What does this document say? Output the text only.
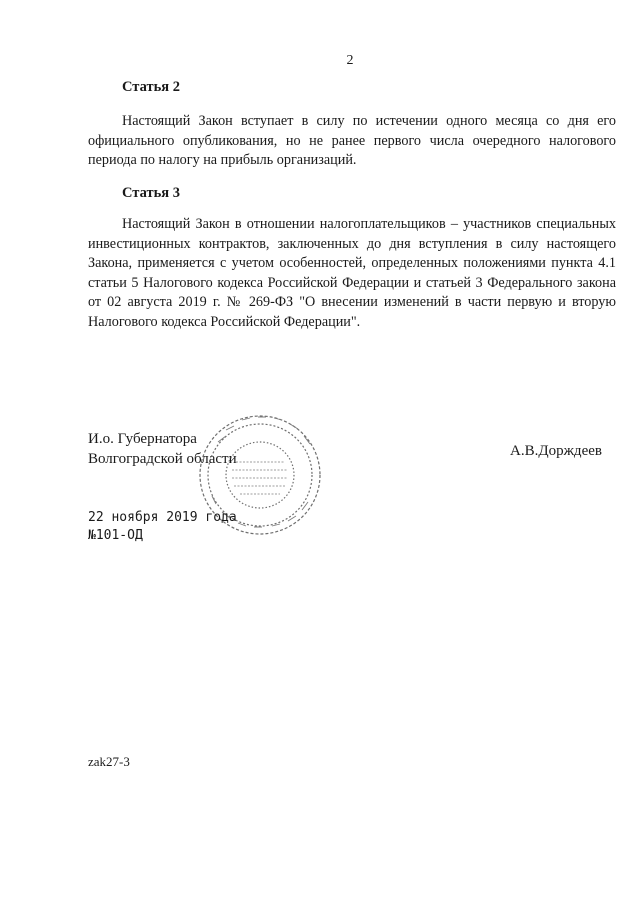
2
Статья 2

Настоящий Закон вступает в силу по истечении одного месяца со дня его официального опубликования, но не ранее первого числа очередного налогового периода по налогу на прибыль организаций.

Статья 3

Настоящий Закон в отношении налогоплательщиков – участников специальных инвестиционных контрактов, заключенных до дня вступления в силу настоящего Закона, применяется с учетом особенностей, определенных положениями пункта 4.1 статьи 5 Налогового кодекса Российской Федерации и статьей 3 Федерального закона от 02 августа 2019 г. № 269-ФЗ "О внесении изменений в части первую и вторую Налогового кодекса Российской Федерации".

И.о. Губернатора
Волгоградской области	А.В.Дорждеев
22 ноября 2019 года
№101-ОД
zak27-3
